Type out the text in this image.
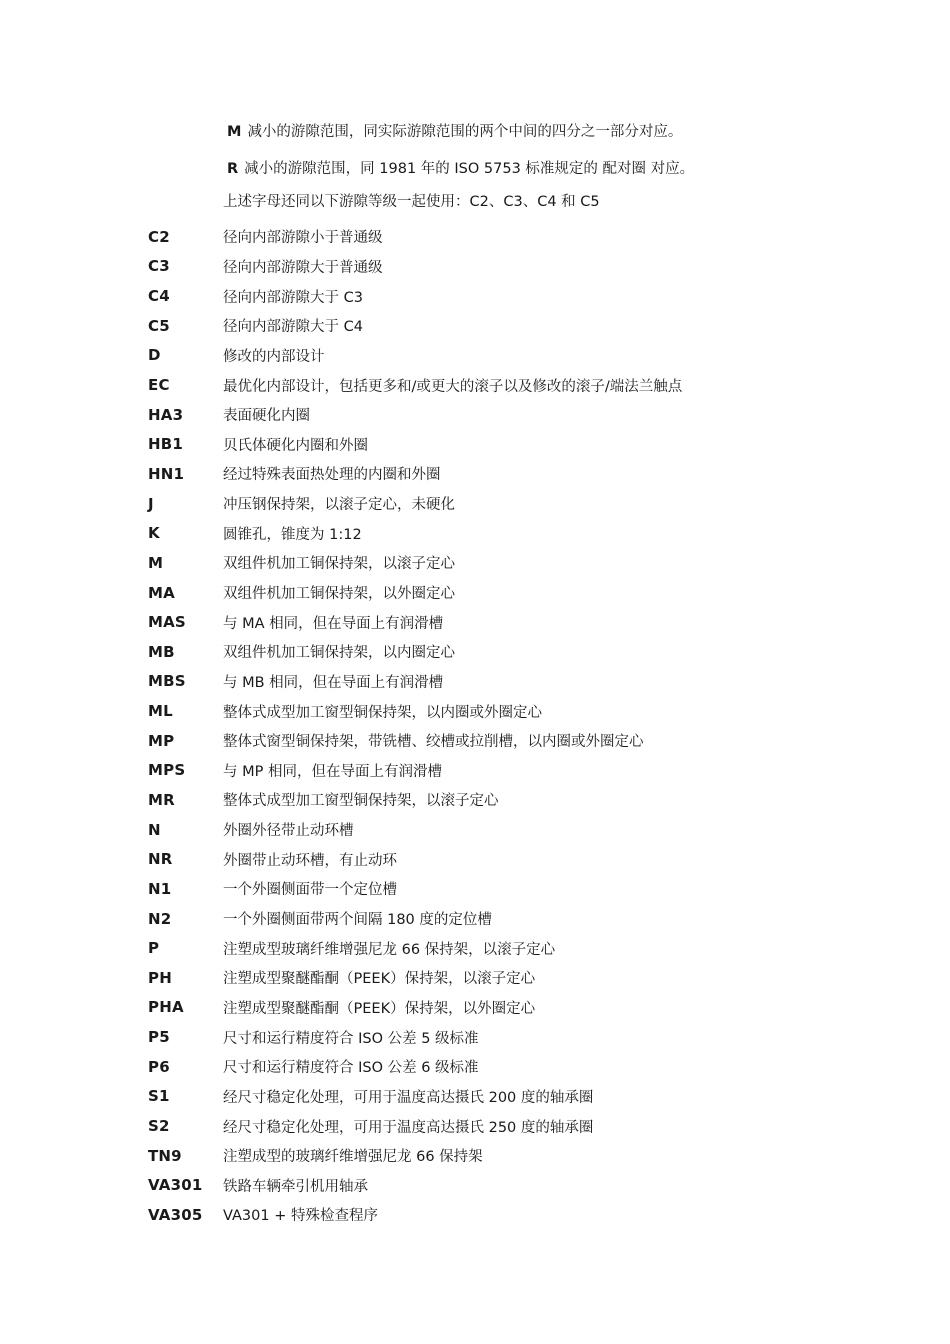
M 减小的游隙范围，同实际游隙范围的两个中间的四分之一部分对应。
R 减小的游隙范围，同 1981 年的 ISO 5753 标准规定的 配对圈 对应。
上述字母还同以下游隙等级一起使用：C2、C3、C4 和 C5
C2	径向内部游隙小于普通级
C3	径向内部游隙大于普通级
C4	径向内部游隙大于 C3
C5	径向内部游隙大于 C4
D	修改的内部设计
EC	最优化内部设计，包括更多和/或更大的滚子以及修改的滚子/端法兰触点
HA3	表面硬化内圈
HB1	贝氏体硬化内圈和外圈
HN1	经过特殊表面热处理的内圈和外圈
J	冲压钢保持架，以滚子定心，未硬化
K	圆锥孔，锥度为 1:12
M	双组件机加工铜保持架，以滚子定心
MA	双组件机加工铜保持架，以外圈定心
MAS	与 MA 相同，但在导面上有润滑槽
MB	双组件机加工铜保持架，以内圈定心
MBS	与 MB 相同，但在导面上有润滑槽
ML	整体式成型加工窗型铜保持架，以内圈或外圈定心
MP	整体式窗型铜保持架，带铣槽、绞槽或拉削槽，以内圈或外圈定心
MPS	与 MP 相同，但在导面上有润滑槽
MR	整体式成型加工窗型铜保持架，以滚子定心
N	外圈外径带止动环槽
NR	外圈带止动环槽，有止动环
N1	一个外圈侧面带一个定位槽
N2	一个外圈侧面带两个间隔 180 度的定位槽
P	注塑成型玻璃纤维增强尼龙 66 保持架，以滚子定心
PH	注塑成型聚醚酯酮（PEEK）保持架，以滚子定心
PHA	注塑成型聚醚酯酮（PEEK）保持架，以外圈定心
P5	尺寸和运行精度符合 ISO 公差 5 级标准
P6	尺寸和运行精度符合 ISO 公差 6 级标准
S1	经尺寸稳定化处理，可用于温度高达摄氏 200 度的轴承圈
S2	经尺寸稳定化处理，可用于温度高达摄氏 250 度的轴承圈
TN9	注塑成型的玻璃纤维增强尼龙 66 保持架
VA301	铁路车辆牵引机用轴承
VA305	VA301 + 特殊检查程序
